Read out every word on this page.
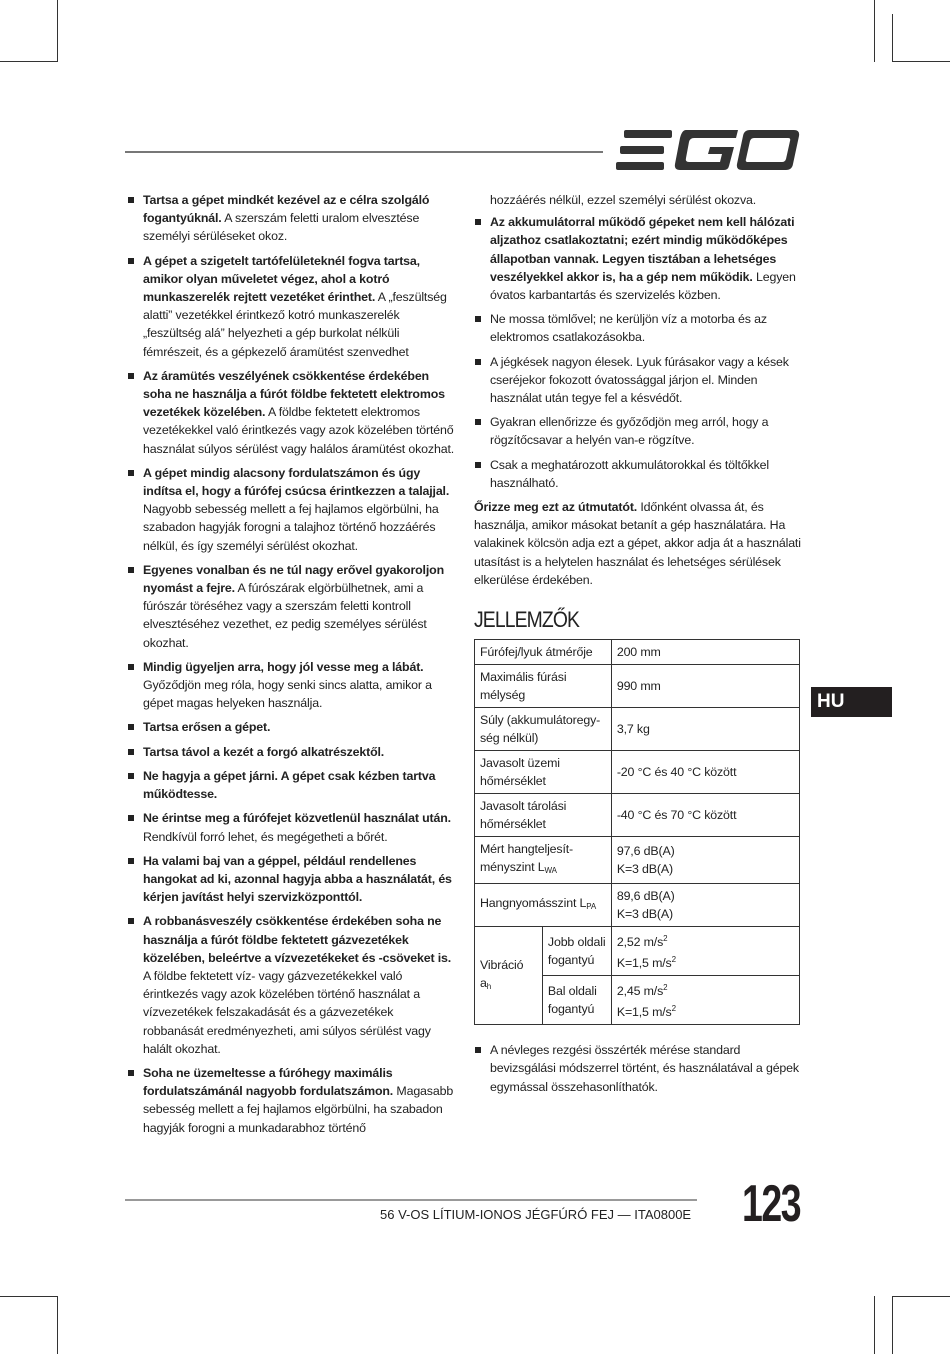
Tartsa a gépet mindkét kezével az e célra szolgáló fogantyúknál. A szerszám feletti uralom elvesztése személyi sérüléseket okoz.
A gépet a szigetelt tartófelületeknél fogva tartsa, amikor olyan műveletet végez, ahol a kotró munkaszerelék rejtett vezetéket érinthet. A „feszültség alatti” vezetékkel érintkező kotró munkaszerelék „feszültség alá” helyezheti a gép burkolat nélküli fémrészeit, és a gépkezelő áramütést szenvedhet
Az áramütés veszélyének csökkentése érdekében soha ne használja a fúrót földbe fektetett elektromos vezetékek közelében. A földbe fektetett elektromos vezetékekkel való érintkezés vagy azok közelében történő használat súlyos sérülést vagy halálos áramütést okozhat.
A gépet mindig alacsony fordulatszámon és úgy indítsa el, hogy a fúrófej csúcsa érintkezzen a talajjal. Nagyobb sebesség mellett a fej hajlamos elgörbülni, ha szabadon hagyják forogni a talajhoz történő hozzáérés nélkül, és így személyi sérülést okozhat.
Egyenes vonalban és ne túl nagy erővel gyakoroljon nyomást a fejre. A fúrószárak elgörbülhetnek, ami a fúrószár töréséhez vagy a szerszám feletti kontroll elvesztéséhez vezethet, ez pedig személyes sérülést okozhat.
Mindig ügyeljen arra, hogy jól vesse meg a lábát. Győződjön meg róla, hogy senki sincs alatta, amikor a gépet magas helyeken használja.
Tartsa erősen a gépet.
Tartsa távol a kezét a forgó alkatrészektől.
Ne hagyja a gépet járni. A gépet csak kézben tartva működtesse.
Ne érintse meg a fúrófejet közvetlenül használat után. Rendkívül forró lehet, és megégetheti a bőrét.
Ha valami baj van a géppel, például rendellenes hangokat ad ki, azonnal hagyja abba a használatát, és kérjen javítást helyi szervizközponttól.
A robbanásveszély csökkentése érdekében soha ne használja a fúrót földbe fektetett gázvezetékek közelében, beleértve a vízvezetékeket és -csöveket is. A földbe fektetett víz- vagy gázvezetékekkel való érintkezés vagy azok közelében történő használat a vízvezetékek felszakadását és a gázvezetékek robbanását eredményezheti, ami súlyos sérülést vagy halált okozhat.
Soha ne üzemeltesse a fúróhegy maximális fordulatszámánál nagyobb fordulatszámon. Magasabb sebesség mellett a fej hajlamos elgörbülni, ha szabadon hagyják forogni a munkadarabhoz történő
hozzáérés nélkül, ezzel személyi sérülést okozva.
Az akkumulátorral működő gépeket nem kell hálózati aljzathoz csatlakoztatni; ezért mindig működőképes állapotban vannak. Legyen tisztában a lehetséges veszélyekkel akkor is, ha a gép nem működik. Legyen óvatos karbantartás és szervizelés közben.
Ne mossa tömlővel; ne kerüljön víz a motorba és az elektromos csatlakozásokba.
A jégkések nagyon élesek. Lyuk fúrásakor vagy a kések cseréjekor fokozott óvatossággal járjon el. Minden használat után tegye fel a késvédőt.
Gyakran ellenőrizze és győződjön meg arról, hogy a rögzítőcsavar a helyén van-e rögzítve.
Csak a meghatározott akkumulátorokkal és töltőkkel használható.
Őrizze meg ezt az útmutatót. Időnként olvassa át, és használja, amikor másokat betanít a gép használatára. Ha valakinek kölcsön adja ezt a gépet, akkor adja át a használati utasítást is a helytelen használat és lehetséges sérülések elkerülése érdekében.
JELLEMZŐK
Fúrófej/lyuk átmérője		200 mm
Maximális fúrási mélység		990 mm
Súly (akkumulátoregy-ség nélkül)		3,7 kg
Javasolt üzemi hőmérséklet		-20 °C és 40 °C között
Javasolt tárolási hőmérséklet		-40 °C és 70 °C között
Mért hangteljesít-ményszint $L_{WA}$		97,6 dB(A)
K=3 dB(A)

Hangnyomásszint $L_{PA}$		89,6 dB(A)
K=3 dB(A)

Vibráció $a_h$	Jobb oldali fogantyú	2,52 $m/s^2$
K=1,5 $m/s^2$

	Bal oldali fogantyú	2,45 $m/s^2$
K=1,5 $m/s^2$
A névleges rezgési összérték mérése standard bevizsgálási módszerrel történt, és használatával a gépek egymással összehasonlíthatók.
HU
56 V-OS LÍTIUM-IONOS JÉGFÚRÓ FEJ — ITA0800E 123
